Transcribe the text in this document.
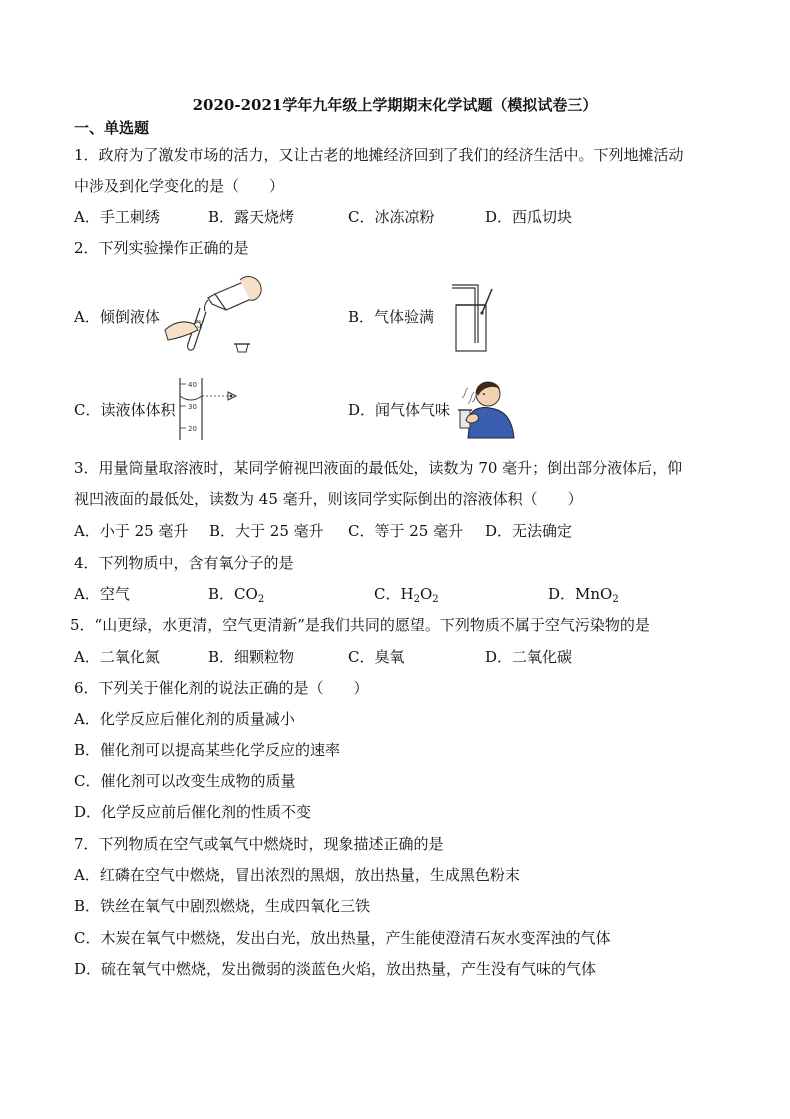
2020-2021学年九年级上学期期末化学试题（模拟试卷三）
一、单选题
1．政府为了激发市场的活力，又让古老的地摊经济回到了我们的经济生活中。下列地摊活动
中涉及到化学变化的是（　　）
A．手工刺绣	B．露天烧烤	C．冰冻凉粉	D．西瓜切块
2．下列实验操作正确的是
A．倾倒液体	B．气体验满
C．读液体体积	D．闻气体气味
40
30
20
3．用量筒量取溶液时，某同学俯视凹液面的最低处，读数为 70 毫升；倒出部分液体后，仰
视凹液面的最低处，读数为 45 毫升，则该同学实际倒出的溶液体积（　　）
A．小于 25 毫升 B．大于 25 毫升 C．等于 25 毫升 D．无法确定
4．下列物质中，含有氧分子的是
A．空气	B．$CO_2$	C．$H_2O_2$	D．MnO$_2$
5．“山更绿，水更清，空气更清新”是我们共同的愿望。下列物质不属于空气污染物的是
A．二氧化氮	B．细颗粒物	C．臭氧	D．二氧化碳
6．下列关于催化剂的说法正确的是（　　）
A．化学反应后催化剂的质量减小
B．催化剂可以提高某些化学反应的速率
C．催化剂可以改变生成物的质量
D．化学反应前后催化剂的性质不变
7．下列物质在空气或氧气中燃烧时，现象描述正确的是
A．红磷在空气中燃烧，冒出浓烈的黑烟，放出热量，生成黑色粉末
B．铁丝在氧气中剧烈燃烧，生成四氧化三铁
C．木炭在氧气中燃烧，发出白光，放出热量，产生能使澄清石灰水变浑浊的气体
D．硫在氧气中燃烧，发出微弱的淡蓝色火焰，放出热量，产生没有气味的气体
